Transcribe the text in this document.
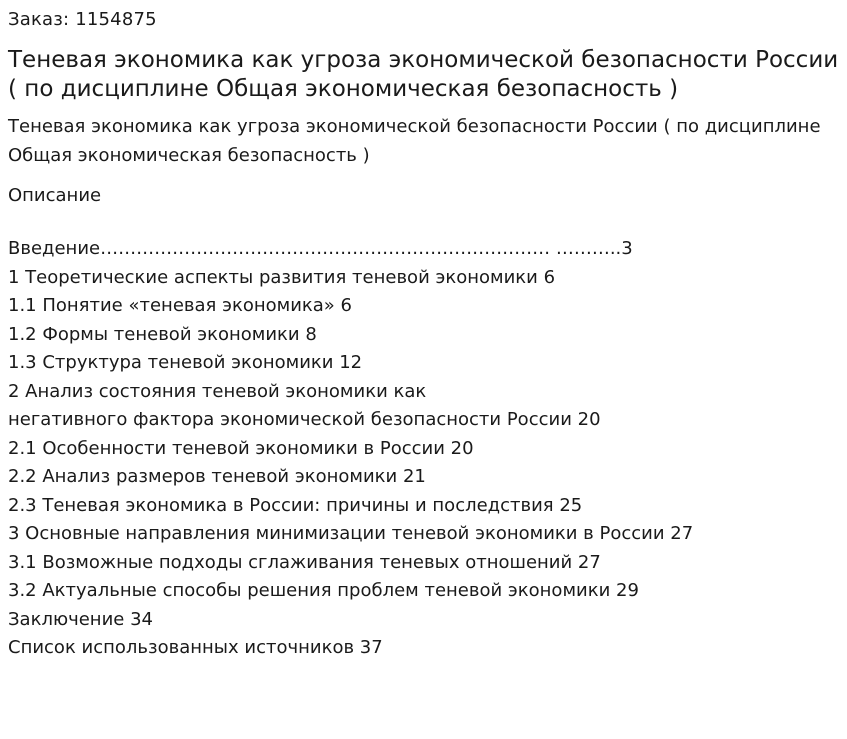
Заказ: 1154875
Теневая экономика как угроза экономической безопасности России ( по дисциплине Общая экономическая безопасность )
Теневая экономика как угроза экономической безопасности России ( по дисциплине Общая экономическая безопасность )
Описание
Введение………………………………………………………………… ………..3
1 Теоретические аспекты развития теневой экономики 6
1.1 Понятие «теневая экономика» 6
1.2 Формы теневой экономики 8
1.3 Структура теневой экономики 12
2 Анализ состояния теневой экономики как
негативного фактора экономической безопасности России 20
2.1 Особенности теневой экономики в России 20
2.2 Анализ размеров теневой экономики 21
2.3 Теневая экономика в России: причины и последствия 25
3 Основные направления минимизации теневой экономики в России 27
3.1 Возможные подходы сглаживания теневых отношений 27
3.2 Актуальные способы решения проблем теневой экономики 29
Заключение 34
Список использованных источников 37
